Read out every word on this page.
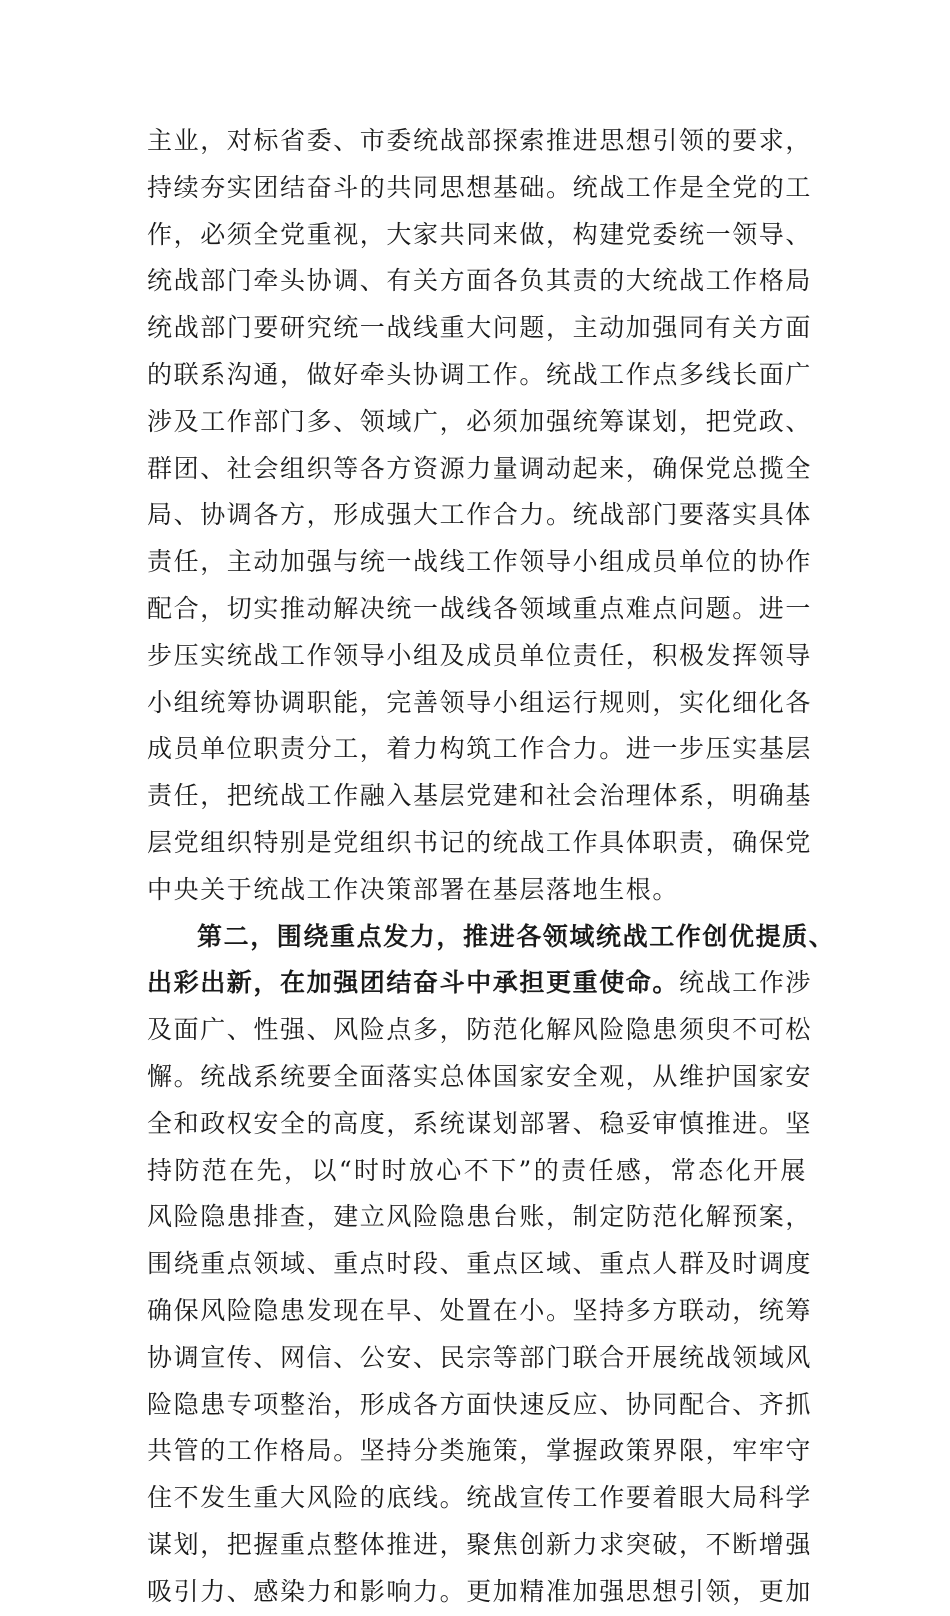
主业，对标省委、市委统战部探索推进思想引领的要求，
持续夯实团结奋斗的共同思想基础。统战工作是全党的工
作，必须全党重视，大家共同来做，构建党委统一领导、
统战部门牵头协调、有关方面各负其责的大统战工作格局
统战部门要研究统一战线重大问题，主动加强同有关方面
的联系沟通，做好牵头协调工作。统战工作点多线长面广
涉及工作部门多、领域广，必须加强统筹谋划，把党政、
群团、社会组织等各方资源力量调动起来，确保党总揽全
局、协调各方，形成强大工作合力。统战部门要落实具体
责任，主动加强与统一战线工作领导小组成员单位的协作
配合，切实推动解决统一战线各领域重点难点问题。进一
步压实统战工作领导小组及成员单位责任，积极发挥领导
小组统筹协调职能，完善领导小组运行规则，实化细化各
成员单位职责分工，着力构筑工作合力。进一步压实基层
责任，把统战工作融入基层党建和社会治理体系，明确基
层党组织特别是党组织书记的统战工作具体职责，确保党
中央关于统战工作决策部署在基层落地生根。
第二，围绕重点发力，推进各领域统战工作创优提质、
出彩出新，在加强团结奋斗中承担更重使命。统战工作涉
及面广、性强、风险点多，防范化解风险隐患须臾不可松
懈。统战系统要全面落实总体国家安全观，从维护国家安
全和政权安全的高度，系统谋划部署、稳妥审慎推进。坚
持防范在先，以“时时放心不下”的责任感，常态化开展
风险隐患排查，建立风险隐患台账，制定防范化解预案，
围绕重点领域、重点时段、重点区域、重点人群及时调度
确保风险隐患发现在早、处置在小。坚持多方联动，统筹
协调宣传、网信、公安、民宗等部门联合开展统战领域风
险隐患专项整治，形成各方面快速反应、协同配合、齐抓
共管的工作格局。坚持分类施策，掌握政策界限，牢牢守
住不发生重大风险的底线。统战宣传工作要着眼大局科学
谋划，把握重点整体推进，聚焦创新力求突破，不断增强
吸引力、感染力和影响力。更加精准加强思想引领，更加
